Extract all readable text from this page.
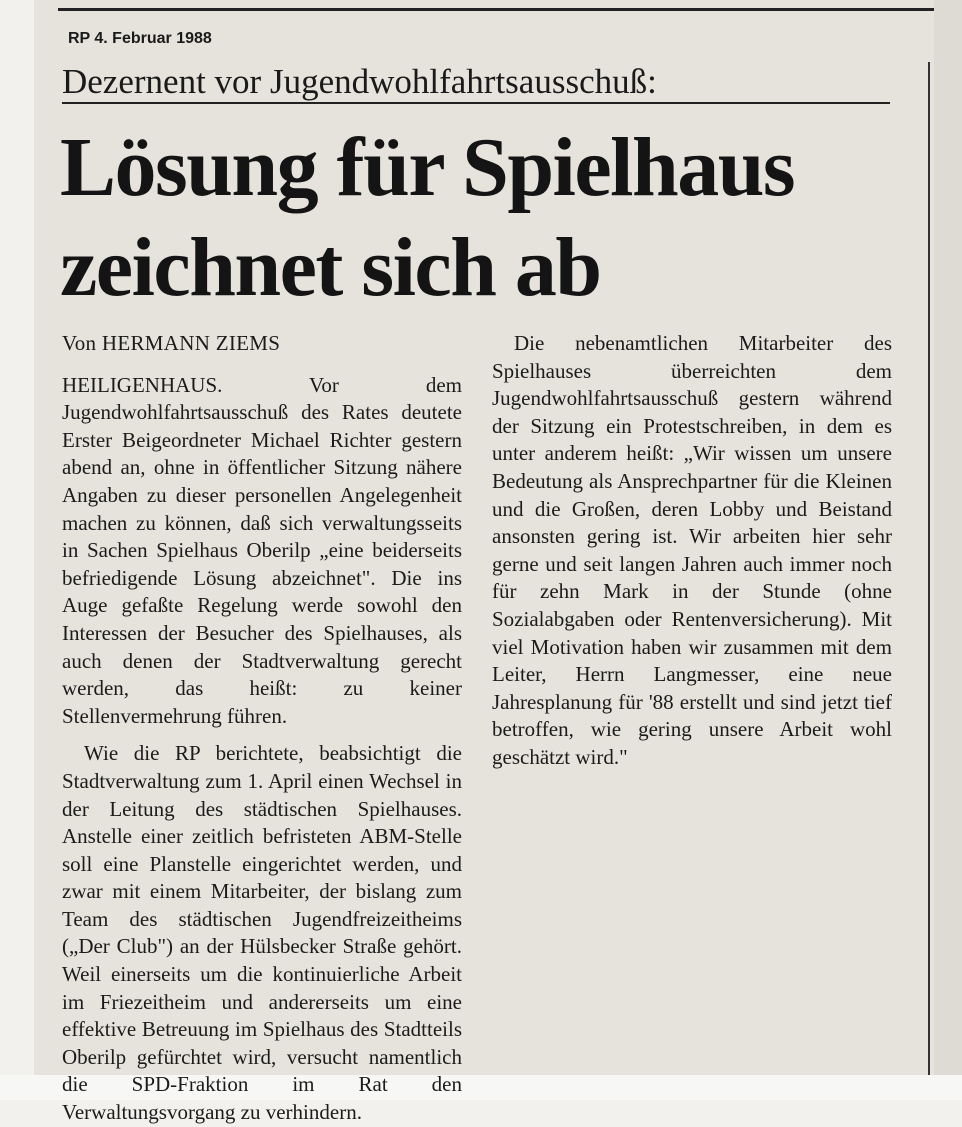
RP 4. Februar 1988
Dezernent vor Jugendwohlfahrtsausschuß:
Lösung für Spielhaus
zeichnet sich ab

Von HERMANN ZIEMS

HEILIGENHAUS. Vor dem Jugendwohlfahrtsausschuß des Rates deutete Erster Beigeordneter Michael Richter gestern abend an, ohne in öffentlicher Sitzung nähere Angaben zu dieser personellen Angelegenheit machen zu können, daß sich verwaltungsseits in Sachen Spielhaus Oberilp „eine beiderseits befriedigende Lösung abzeichnet". Die ins Auge gefaßte Regelung werde sowohl den Interessen der Besucher des Spielhauses, als auch denen der Stadtverwaltung gerecht werden, das heißt: zu keiner Stellenvermehrung führen.

Wie die RP berichtete, beabsichtigt die Stadtverwaltung zum 1. April einen Wechsel in der Leitung des städtischen Spielhauses. Anstelle einer zeitlich befristeten ABM-Stelle soll eine Planstelle eingerichtet werden, und zwar mit einem Mitarbeiter, der bislang zum Team des städtischen Jugendfreizeitheims („Der Club") an der Hülsbecker Straße gehört. Weil einerseits um die kontinuierliche Arbeit im Friezeitheim und andererseits um eine effektive Betreuung im Spielhaus des Stadtteils Oberilp gefürchtet wird, versucht namentlich die SPD-Fraktion im Rat den Verwaltungsvorgang zu verhindern.

Die nebenamtlichen Mitarbeiter des Spielhauses überreichten dem Jugendwohlfahrtsausschuß gestern während der Sitzung ein Protestschreiben, in dem es unter anderem heißt: „Wir wissen um unsere Bedeutung als Ansprechpartner für die Kleinen und die Großen, deren Lobby und Beistand ansonsten gering ist. Wir arbeiten hier sehr gerne und seit langen Jahren auch immer noch für zehn Mark in der Stunde (ohne Sozialabgaben oder Rentenversicherung). Mit viel Motivation haben wir zusammen mit dem Leiter, Herrn Langmesser, eine neue Jahresplanung für '88 erstellt und sind jetzt tief betroffen, wie gering unsere Arbeit wohl geschätzt wird."
